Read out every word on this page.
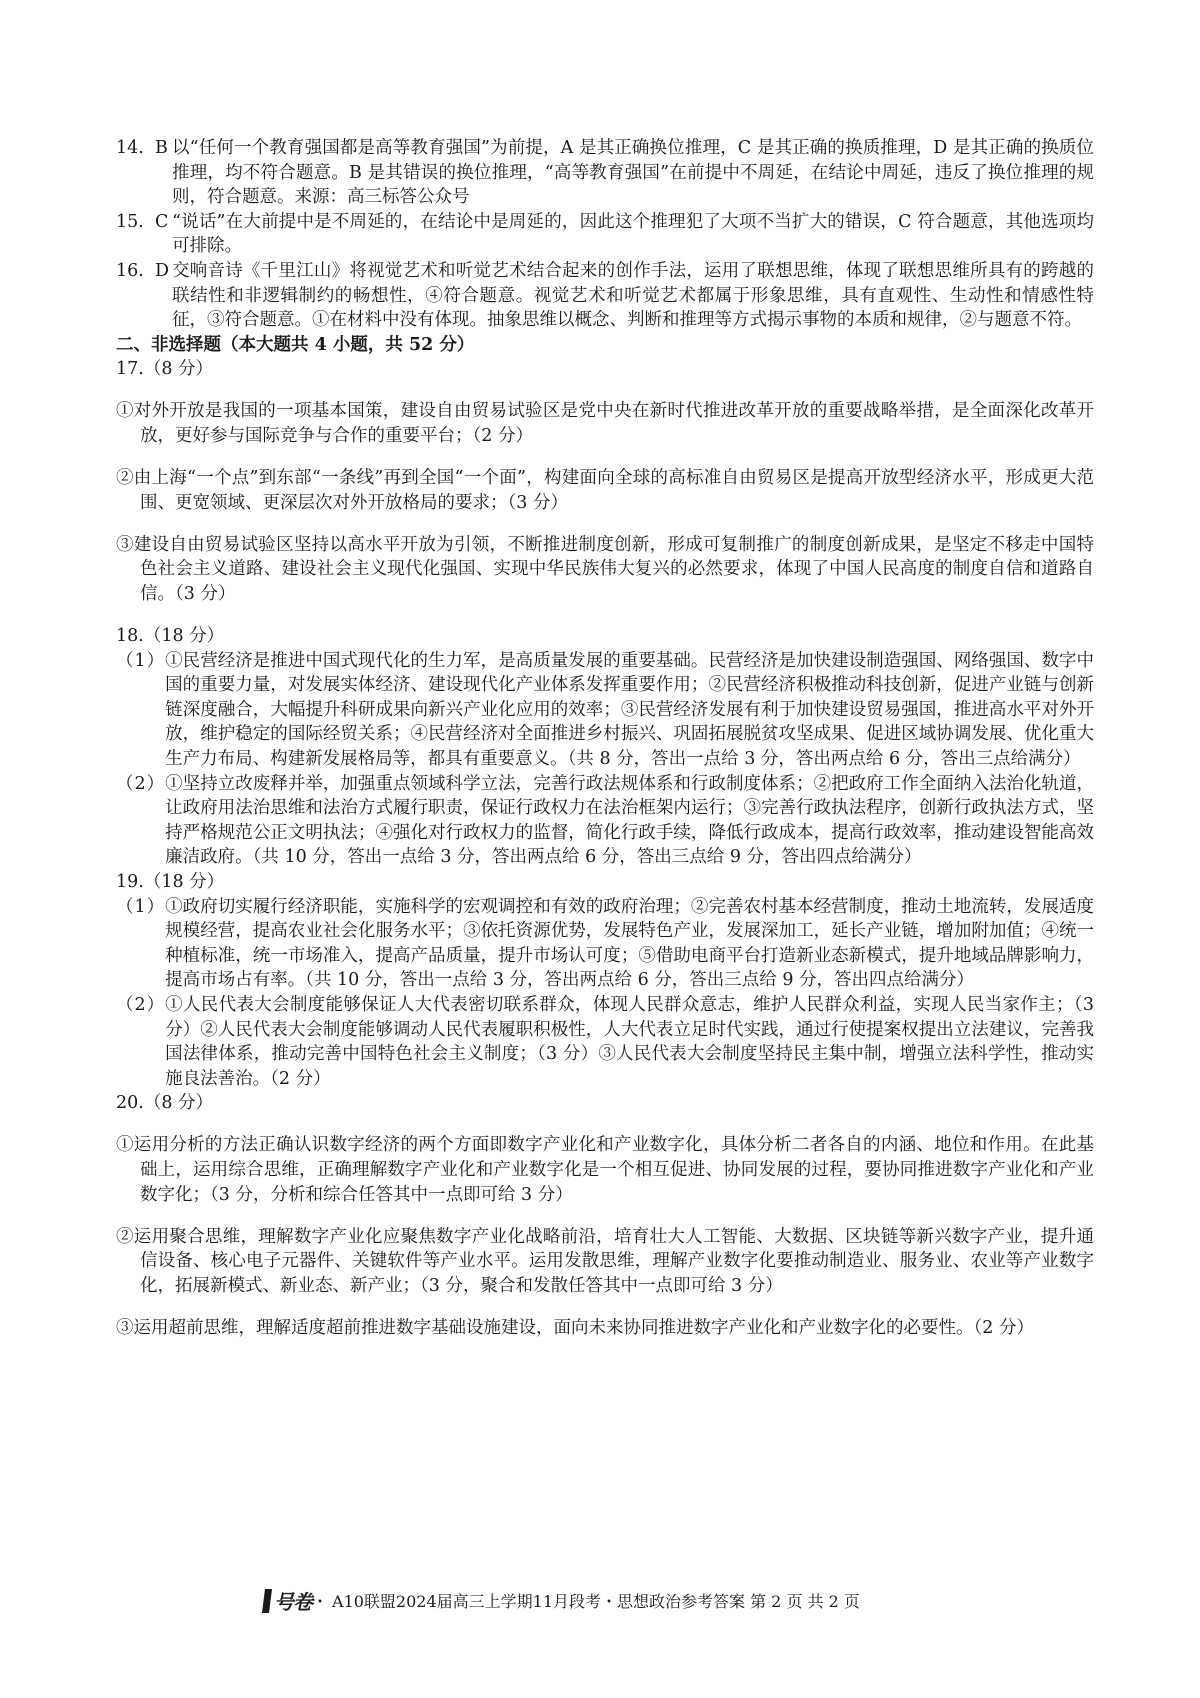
14.  B 以“任何一个教育强国都是高等教育强国”为前提，A 是其正确换位推理，C 是其正确的换质推理，D 是其正确的换质位推理，均不符合题意。B 是其错误的换位推理，“高等教育强国”在前提中不周延，在结论中周延，违反了换位推理的规则，符合题意。来源：高三标答公众号
15.  C “说话”在大前提中是不周延的，在结论中是周延的，因此这个推理犯了大项不当扩大的错误，C 符合题意，其他选项均可排除。
16.  D 交响音诗《千里江山》将视觉艺术和听觉艺术结合起来的创作手法，运用了联想思维，体现了联想思维所具有的跨越的联结性和非逻辑制约的畅想性，④符合题意。视觉艺术和听觉艺术都属于形象思维，具有直观性、生动性和情感性特征，③符合题意。①在材料中没有体现。抽象思维以概念、判断和推理等方式揭示事物的本质和规律，②与题意不符。

二、非选择题（本大题共 4 小题，共 52 分）

17.（8 分）

①对外开放是我国的一项基本国策，建设自由贸易试验区是党中央在新时代推进改革开放的重要战略举措，是全面深化改革开放，更好参与国际竞争与合作的重要平台；（2 分）

②由上海“一个点”到东部“一条线”再到全国“一个面”，构建面向全球的高标准自由贸易区是提高开放型经济水平，形成更大范围、更宽领域、更深层次对外开放格局的要求；（3 分）

③建设自由贸易试验区坚持以高水平开放为引领，不断推进制度创新，形成可复制推广的制度创新成果，是坚定不移走中国特色社会主义道路、建设社会主义现代化强国、实现中华民族伟大复兴的必然要求，体现了中国人民高度的制度自信和道路自信。（3 分）

18.（18 分）

（1） ①民营经济是推进中国式现代化的生力军，是高质量发展的重要基础。民营经济是加快建设制造强国、网络强国、数字中国的重要力量，对发展实体经济、建设现代化产业体系发挥重要作用；②民营经济积极推动科技创新，促进产业链与创新链深度融合，大幅提升科研成果向新兴产业化应用的效率；③民营经济发展有利于加快建设贸易强国，推进高水平对外开放，维护稳定的国际经贸关系；④民营经济对全面推进乡村振兴、巩固拓展脱贫攻坚成果、促进区域协调发展、优化重大生产力布局、构建新发展格局等，都具有重要意义。（共 8 分，答出一点给 3 分，答出两点给 6 分，答出三点给满分）
（2） ①坚持立改废释并举，加强重点领域科学立法，完善行政法规体系和行政制度体系；②把政府工作全面纳入法治化轨道，让政府用法治思维和法治方式履行职责，保证行政权力在法治框架内运行；③完善行政执法程序，创新行政执法方式，坚持严格规范公正文明执法；④强化对行政权力的监督，简化行政手续，降低行政成本，提高行政效率，推动建设智能高效廉洁政府。（共 10 分，答出一点给 3 分，答出两点给 6 分，答出三点给 9 分，答出四点给满分）

19.（18 分）

（1） ①政府切实履行经济职能，实施科学的宏观调控和有效的政府治理；②完善农村基本经营制度，推动土地流转，发展适度规模经营，提高农业社会化服务水平；③依托资源优势，发展特色产业，发展深加工，延长产业链，增加附加值；④统一种植标准，统一市场准入，提高产品质量，提升市场认可度；⑤借助电商平台打造新业态新模式，提升地域品牌影响力，提高市场占有率。（共 10 分，答出一点给 3 分，答出两点给 6 分，答出三点给 9 分，答出四点给满分）
（2） ①人民代表大会制度能够保证人大代表密切联系群众，体现人民群众意志，维护人民群众利益，实现人民当家作主；（3 分）②人民代表大会制度能够调动人民代表履职积极性，人大代表立足时代实践，通过行使提案权提出立法建议，完善我国法律体系，推动完善中国特色社会主义制度；（3 分）③人民代表大会制度坚持民主集中制，增强立法科学性，推动实施良法善治。（2 分）

20.（8 分）

①运用分析的方法正确认识数字经济的两个方面即数字产业化和产业数字化，具体分析二者各自的内涵、地位和作用。在此基础上，运用综合思维，正确理解数字产业化和产业数字化是一个相互促进、协同发展的过程，要协同推进数字产业化和产业数字化；（3 分，分析和综合任答其中一点即可给 3 分）

②运用聚合思维，理解数字产业化应聚焦数字产业化战略前沿，培育壮大人工智能、大数据、区块链等新兴数字产业，提升通信设备、核心电子元器件、关键软件等产业水平。运用发散思维，理解产业数字化要推动制造业、服务业、农业等产业数字化，拓展新模式、新业态、新产业；（3 分，聚合和发散任答其中一点即可给 3 分）

③运用超前思维，理解适度超前推进数字基础设施建设，面向未来协同推进数字产业化和产业数字化的必要性。（2 分）

号卷 ・ A10联盟2024届高三上学期11月段考・思想政治参考答案 第 2 页 共 2 页
